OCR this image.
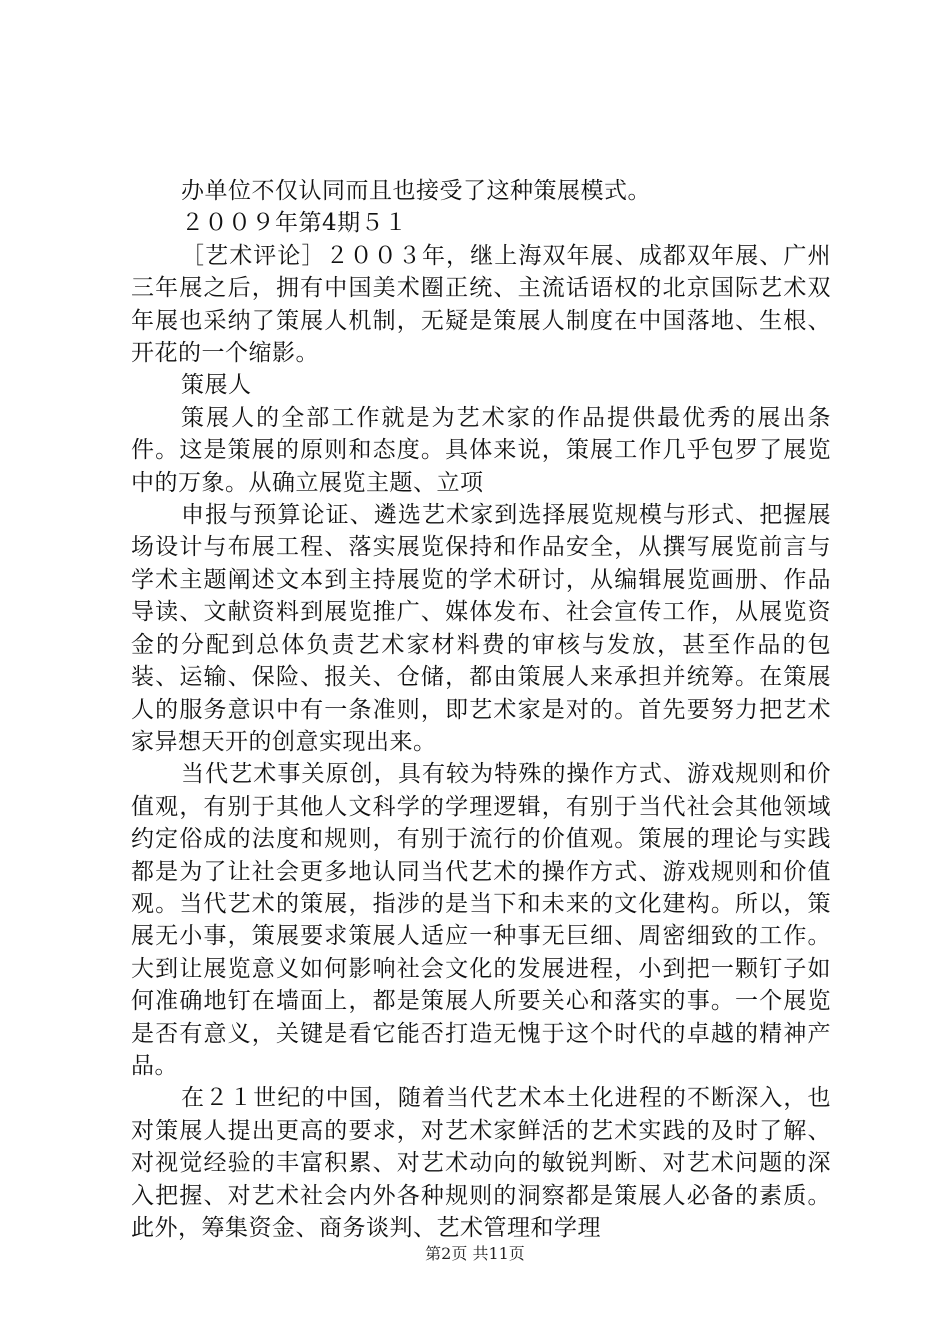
办单位不仅认同而且也接受了这种策展模式。

２００９年第4期５１

［艺术评论］２００３年，继上海双年展、成都双年展、广州三年展之后，拥有中国美术圈正统、主流话语权的北京国际艺术双年展也采纳了策展人机制，无疑是策展人制度在中国落地、生根、开花的一个缩影。

策展人

策展人的全部工作就是为艺术家的作品提供最优秀的展出条件。这是策展的原则和态度。具体来说，策展工作几乎包罗了展览中的万象。从确立展览主题、立项

申报与预算论证、遴选艺术家到选择展览规模与形式、把握展场设计与布展工程、落实展览保持和作品安全，从撰写展览前言与学术主题阐述文本到主持展览的学术研讨，从编辑展览画册、作品导读、文献资料到展览推广、媒体发布、社会宣传工作，从展览资金的分配到总体负责艺术家材料费的审核与发放，甚至作品的包装、运输、保险、报关、仓储，都由策展人来承担并统筹。在策展人的服务意识中有一条准则，即艺术家是对的。首先要努力把艺术家异想天开的创意实现出来。

当代艺术事关原创，具有较为特殊的操作方式、游戏规则和价值观，有别于其他人文科学的学理逻辑，有别于当代社会其他领域约定俗成的法度和规则，有别于流行的价值观。策展的理论与实践都是为了让社会更多地认同当代艺术的操作方式、游戏规则和价值观。当代艺术的策展，指涉的是当下和未来的文化建构。所以，策展无小事，策展要求策展人适应一种事无巨细、周密细致的工作。大到让展览意义如何影响社会文化的发展进程，小到把一颗钉子如何准确地钉在墙面上，都是策展人所要关心和落实的事。一个展览是否有意义，关键是看它能否打造无愧于这个时代的卓越的精神产品。

在２１世纪的中国，随着当代艺术本土化进程的不断深入，也对策展人提出更高的要求，对艺术家鲜活的艺术实践的及时了解、对视觉经验的丰富积累、对艺术动向的敏锐判断、对艺术问题的深入把握、对艺术社会内外各种规则的洞察都是策展人必备的素质。此外，筹集资金、商务谈判、艺术管理和学理

第2页 共11页
